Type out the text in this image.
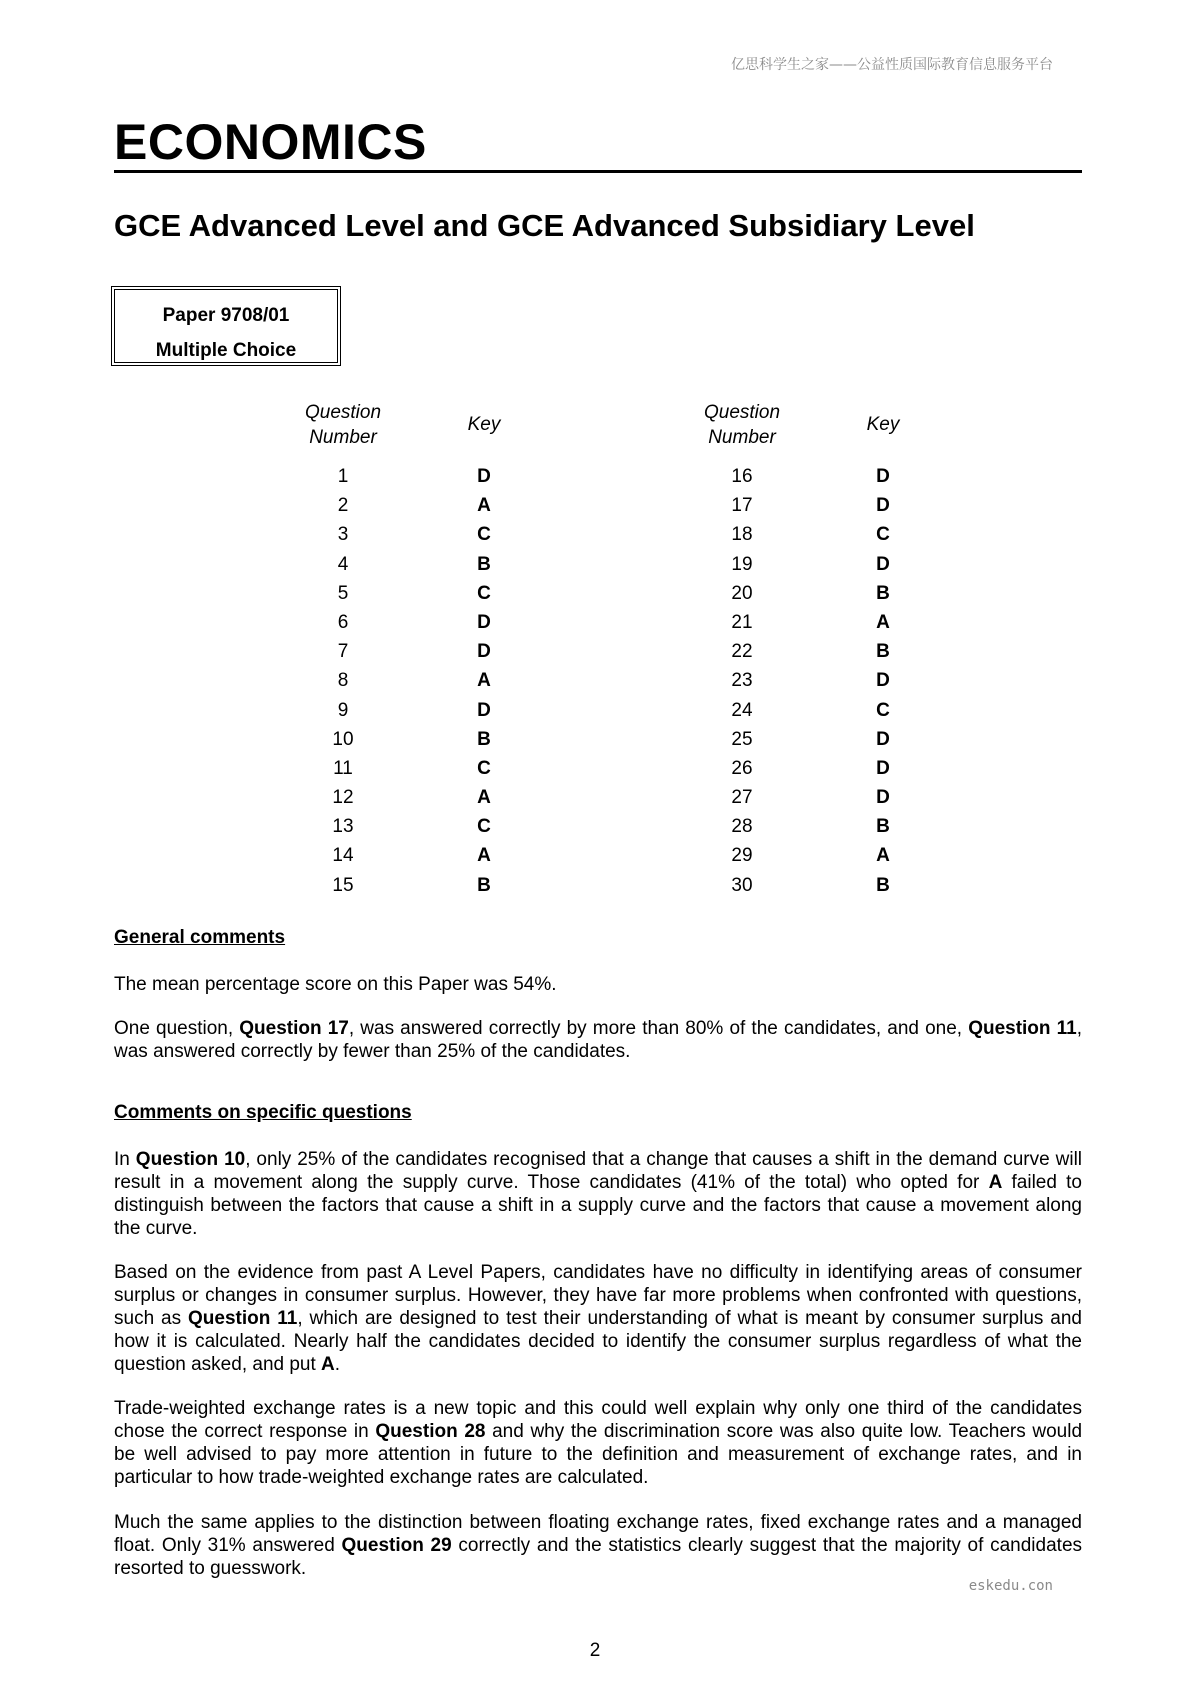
亿思科学生之家——公益性质国际教育信息服务平台
ECONOMICS
GCE Advanced Level and GCE Advanced Subsidiary Level
Paper 9708/01
Multiple Choice
Question
Number
1
2
3
4
5
6
7
8
9
10
11
12
13
14
15
Key
D
A
C
B
C
D
D
A
D
B
C
A
C
A
B
Question
Number
16
17
18
19
20
21
22
23
24
25
26
27
28
29
30
Key
D
D
C
D
B
A
B
D
C
D
D
D
B
A
B
General comments

The mean percentage score on this Paper was 54%.

One question, Question 17, was answered correctly by more than 80% of the candidates, and one, Question 11, was answered correctly by fewer than 25% of the candidates.

Comments on specific questions

In Question 10, only 25% of the candidates recognised that a change that causes a shift in the demand curve will result in a movement along the supply curve. Those candidates (41% of the total) who opted for A failed to distinguish between the factors that cause a shift in a supply curve and the factors that cause a movement along the curve.

Based on the evidence from past A Level Papers, candidates have no difficulty in identifying areas of consumer surplus or changes in consumer surplus. However, they have far more problems when confronted with questions, such as Question 11, which are designed to test their understanding of what is meant by consumer surplus and how it is calculated. Nearly half the candidates decided to identify the consumer surplus regardless of what the question asked, and put A.

Trade-weighted exchange rates is a new topic and this could well explain why only one third of the candidates chose the correct response in Question 28 and why the discrimination score was also quite low. Teachers would be well advised to pay more attention in future to the definition and measurement of exchange rates, and in particular to how trade-weighted exchange rates are calculated.

Much the same applies to the distinction between floating exchange rates, fixed exchange rates and a managed float. Only 31% answered Question 29 correctly and the statistics clearly suggest that the majority of candidates resorted to guesswork.

eskedu.con
2
